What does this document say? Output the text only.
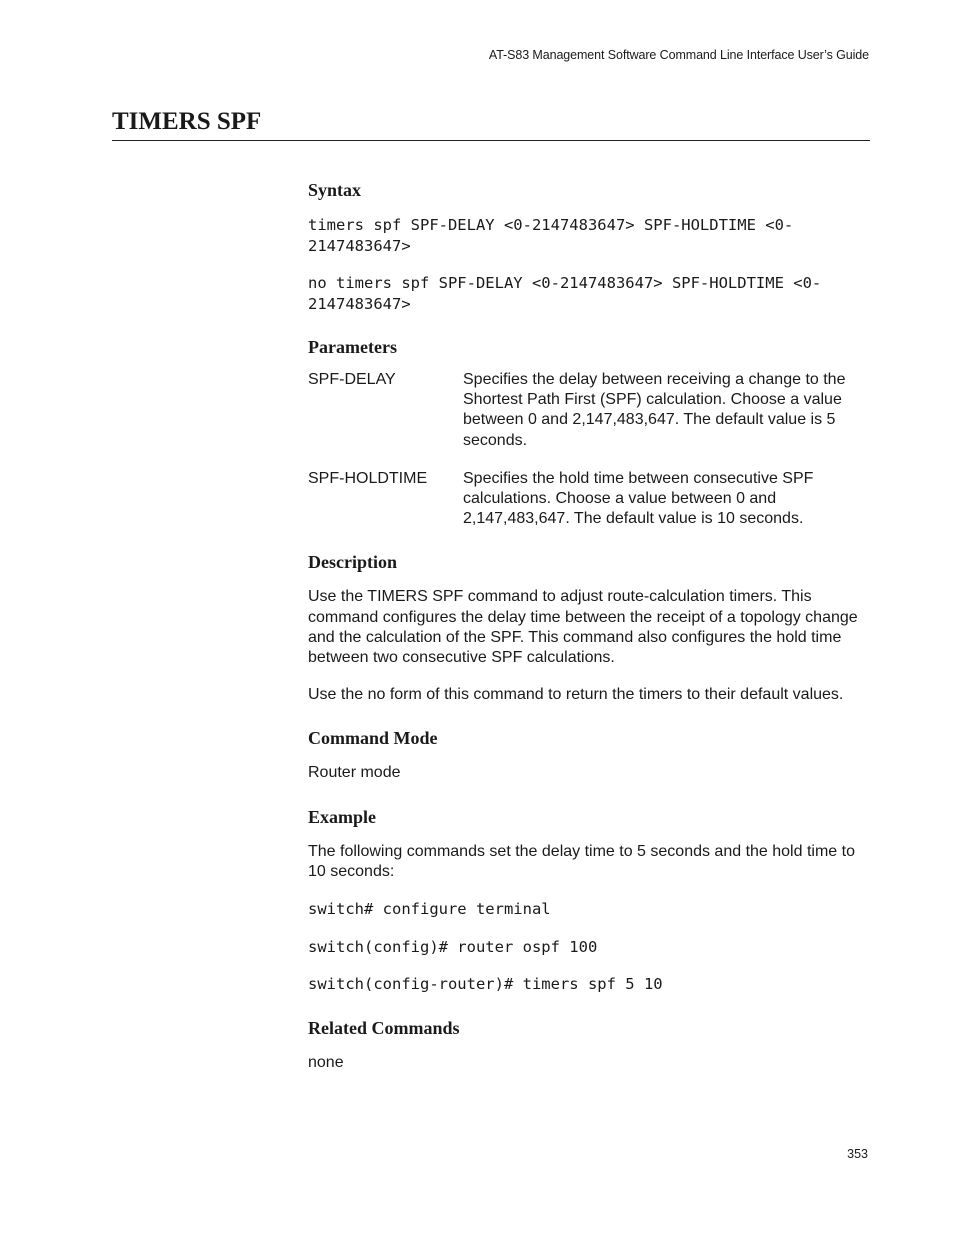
AT-S83 Management Software Command Line Interface User’s Guide
TIMERS SPF
Syntax

timers spf SPF-DELAY <0-2147483647> SPF-HOLDTIME <0-2147483647>

no timers spf SPF-DELAY <0-2147483647> SPF-HOLDTIME <0-2147483647>

Parameters
SPF-DELAY	Specifies the delay between receiving a change to the Shortest Path First (SPF) calculation. Choose a value between 0 and 2,147,483,647. The default value is 5 seconds.
SPF-HOLDTIME	Specifies the hold time between consecutive SPF calculations. Choose a value between 0 and 2,147,483,647. The default value is 10 seconds.
Description

Use the TIMERS SPF command to adjust route-calculation timers. This command configures the delay time between the receipt of a topology change and the calculation of the SPF. This command also configures the hold time between two consecutive SPF calculations.

Use the no form of this command to return the timers to their default values.

Command Mode

Router mode

Example

The following commands set the delay time to 5 seconds and the hold time to 10 seconds:

switch# configure terminal

switch(config)# router ospf 100

switch(config-router)# timers spf 5 10

Related Commands

none

353
